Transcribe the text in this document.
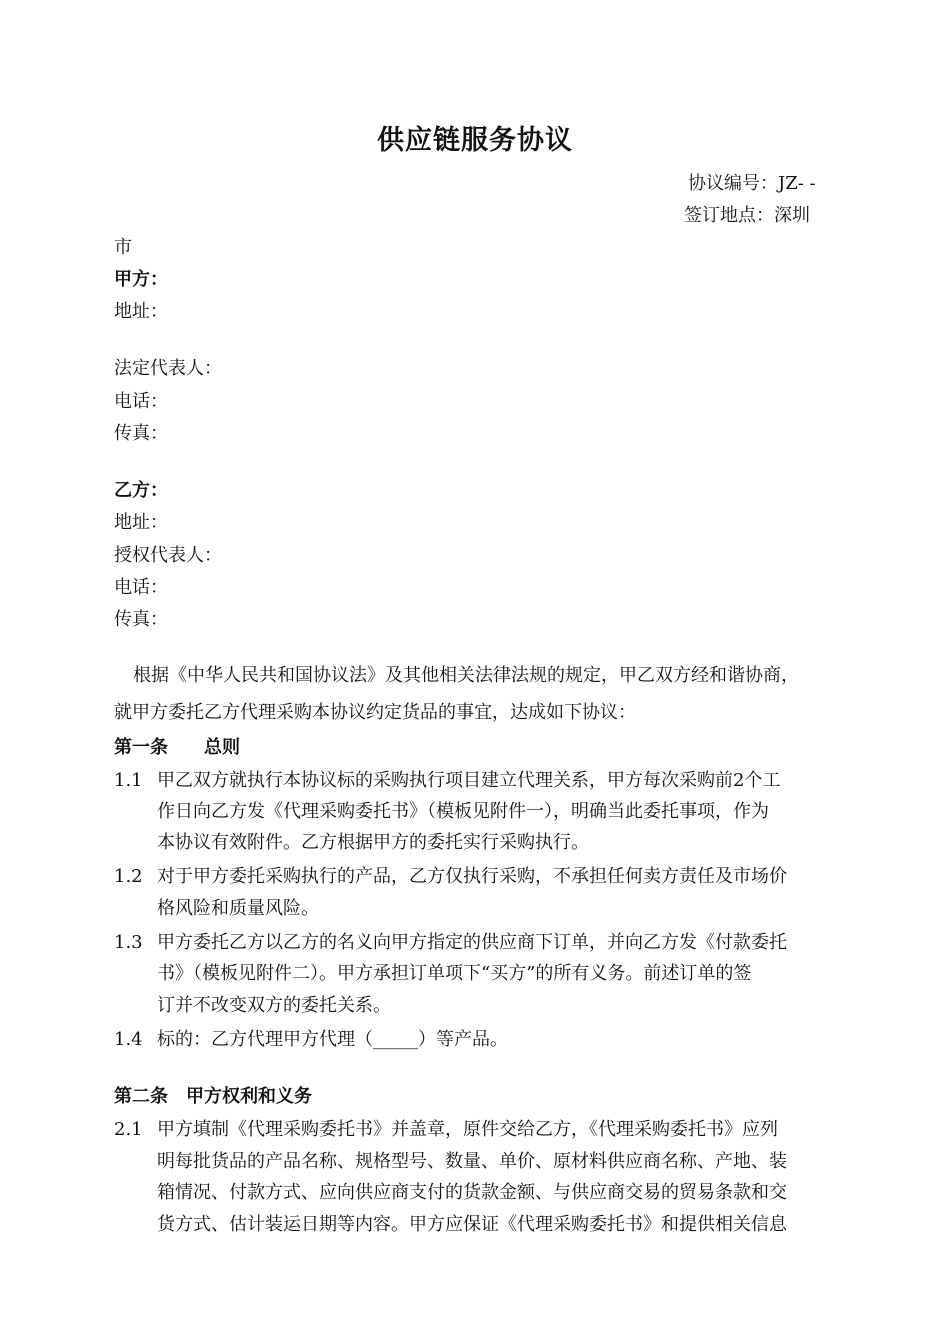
供应链服务协议
协议编号：JZ- -
签订地点：深圳
市
甲方：
地址：
法定代表人：
电话：
传真：
乙方：
地址：
授权代表人：
电话：
传真：
根据《中华人民共和国协议法》及其他相关法律法规的规定，甲乙双方经和谐协商，
就甲方委托乙方代理采购本协议约定货品的事宜，达成如下协议：
第一条　　总则
1.1 甲乙双方就执行本协议标的采购执行项目建立代理关系，甲方每次采购前2个工
作日向乙方发《代理采购委托书》（模板见附件一），明确当此委托事项，作为
本协议有效附件。乙方根据甲方的委托实行采购执行。
1.2 对于甲方委托采购执行的产品，乙方仅执行采购，不承担任何卖方责任及市场价
格风险和质量风险。
1.3 甲方委托乙方以乙方的名义向甲方指定的供应商下订单，并向乙方发《付款委托
书》（模板见附件二）。甲方承担订单项下“买方”的所有义务。前述订单的签
订并不改变双方的委托关系。
1.4 标的：乙方代理甲方代理（_____）等产品。
第二条　甲方权利和义务
2.1 甲方填制《代理采购委托书》并盖章，原件交给乙方，《代理采购委托书》应列
明每批货品的产品名称、规格型号、数量、单价、原材料供应商名称、产地、装
箱情况、付款方式、应向供应商支付的货款金额、与供应商交易的贸易条款和交
货方式、估计装运日期等内容。甲方应保证《代理采购委托书》和提供相关信息
